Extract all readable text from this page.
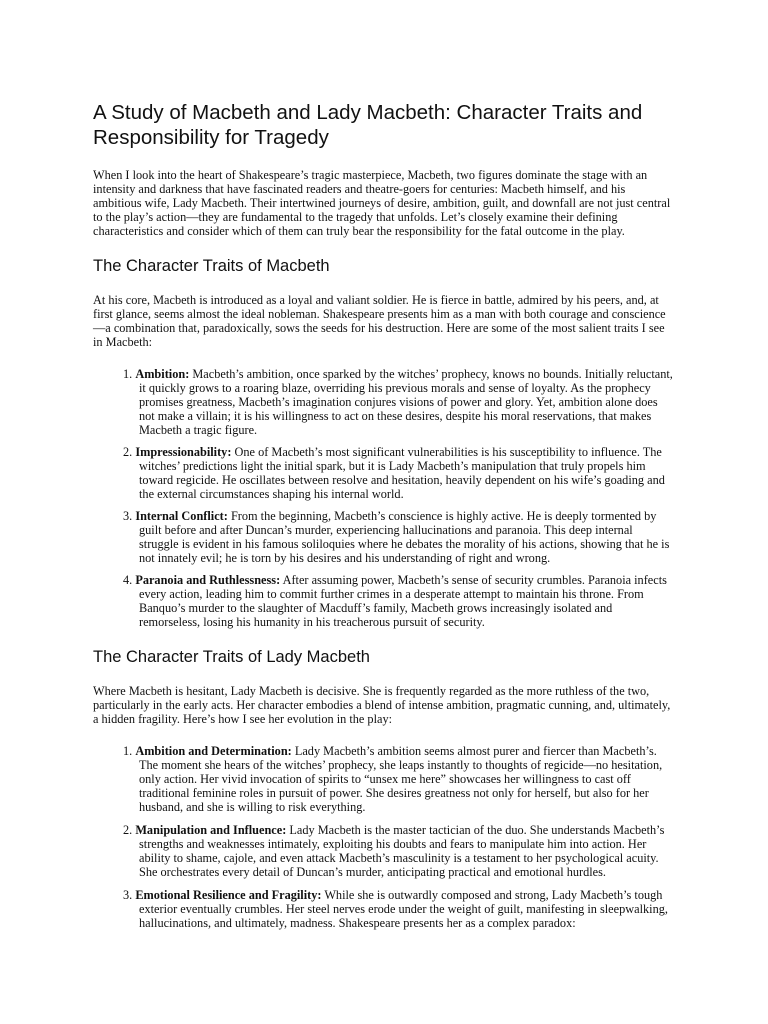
A Study of Macbeth and Lady Macbeth: Character Traits and Responsibility for Tragedy

When I look into the heart of Shakespeare’s tragic masterpiece, Macbeth, two figures dominate the stage with an intensity and darkness that have fascinated readers and theatre-goers for centuries: Macbeth himself, and his ambitious wife, Lady Macbeth. Their intertwined journeys of desire, ambition, guilt, and downfall are not just central to the play’s action—they are fundamental to the tragedy that unfolds. Let’s closely examine their defining characteristics and consider which of them can truly bear the responsibility for the fatal outcome in the play.

The Character Traits of Macbeth

At his core, Macbeth is introduced as a loyal and valiant soldier. He is fierce in battle, admired by his peers, and, at first glance, seems almost the ideal nobleman. Shakespeare presents him as a man with both courage and conscience—a combination that, paradoxically, sows the seeds for his destruction. Here are some of the most salient traits I see in Macbeth:

1. Ambition: Macbeth’s ambition, once sparked by the witches’ prophecy, knows no bounds. Initially reluctant, it quickly grows to a roaring blaze, overriding his previous morals and sense of loyalty. As the prophecy promises greatness, Macbeth’s imagination conjures visions of power and glory. Yet, ambition alone does not make a villain; it is his willingness to act on these desires, despite his moral reservations, that makes Macbeth a tragic figure.
2. Impressionability: One of Macbeth’s most significant vulnerabilities is his susceptibility to influence. The witches’ predictions light the initial spark, but it is Lady Macbeth’s manipulation that truly propels him toward regicide. He oscillates between resolve and hesitation, heavily dependent on his wife’s goading and the external circumstances shaping his internal world.
3. Internal Conflict: From the beginning, Macbeth’s conscience is highly active. He is deeply tormented by guilt before and after Duncan’s murder, experiencing hallucinations and paranoia. This deep internal struggle is evident in his famous soliloquies where he debates the morality of his actions, showing that he is not innately evil; he is torn by his desires and his understanding of right and wrong.
4. Paranoia and Ruthlessness: After assuming power, Macbeth’s sense of security crumbles. Paranoia infects every action, leading him to commit further crimes in a desperate attempt to maintain his throne. From Banquo’s murder to the slaughter of Macduff’s family, Macbeth grows increasingly isolated and remorseless, losing his humanity in his treacherous pursuit of security.
The Character Traits of Lady Macbeth

Where Macbeth is hesitant, Lady Macbeth is decisive. She is frequently regarded as the more ruthless of the two, particularly in the early acts. Her character embodies a blend of intense ambition, pragmatic cunning, and, ultimately, a hidden fragility. Here’s how I see her evolution in the play:

1. Ambition and Determination: Lady Macbeth’s ambition seems almost purer and fiercer than Macbeth’s. The moment she hears of the witches’ prophecy, she leaps instantly to thoughts of regicide—no hesitation, only action. Her vivid invocation of spirits to “unsex me here” showcases her willingness to cast off traditional feminine roles in pursuit of power. She desires greatness not only for herself, but also for her husband, and she is willing to risk everything.
2. Manipulation and Influence: Lady Macbeth is the master tactician of the duo. She understands Macbeth’s strengths and weaknesses intimately, exploiting his doubts and fears to manipulate him into action. Her ability to shame, cajole, and even attack Macbeth’s masculinity is a testament to her psychological acuity. She orchestrates every detail of Duncan’s murder, anticipating practical and emotional hurdles.
3. Emotional Resilience and Fragility: While she is outwardly composed and strong, Lady Macbeth’s tough exterior eventually crumbles. Her steel nerves erode under the weight of guilt, manifesting in sleepwalking, hallucinations, and ultimately, madness. Shakespeare presents her as a complex paradox:
